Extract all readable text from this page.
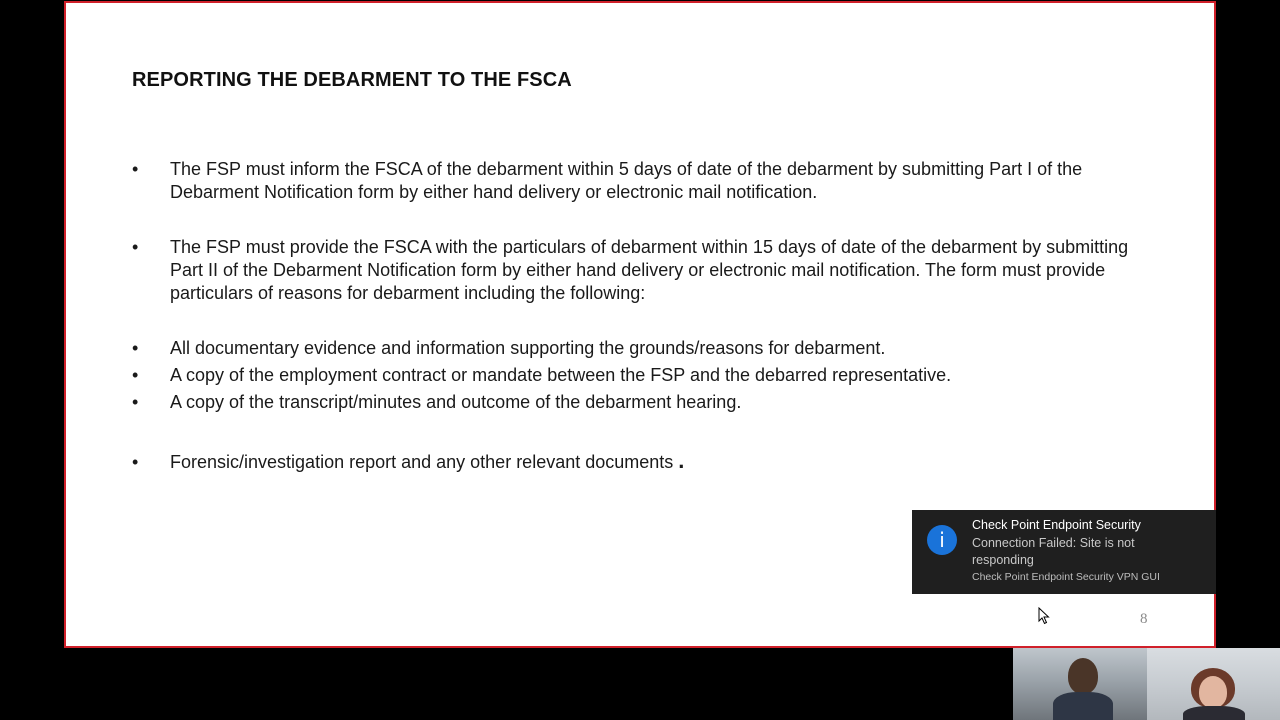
REPORTING THE DEBARMENT TO THE FSCA
•	The FSP must inform the FSCA of the debarment within 5 days of date of the debarment by submitting Part I of the Debarment Notification form by either hand delivery or electronic mail notification.
•	The FSP must provide the FSCA with the particulars of debarment within 15 days of date of the debarment by submitting Part II of the Debarment Notification form by either hand delivery or electronic mail notification. The form must provide particulars of reasons for debarment including the following:
•	All documentary evidence and information supporting the grounds/reasons for debarment.
•	A copy of the employment contract or mandate between the FSP and the debarred representative.
•	A copy of the transcript/minutes and outcome of the debarment hearing.
•	Forensic/investigation report and any other relevant documents .
8
i
Check Point Endpoint Security
Connection Failed: Site is not responding
Check Point Endpoint Security VPN GUI
